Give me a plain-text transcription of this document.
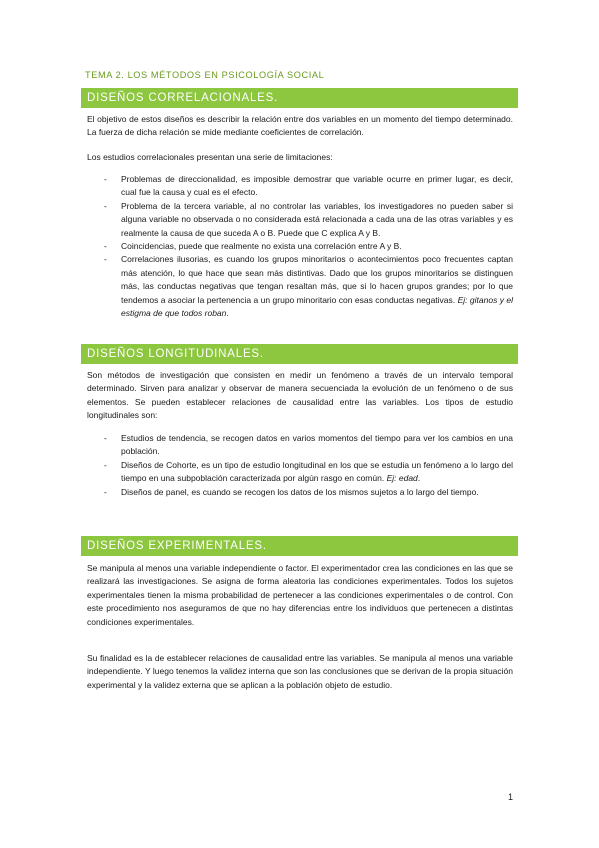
TEMA 2. LOS MÉTODOS EN PSICOLOGÍA SOCIAL
DISEÑOS CORRELACIONALES.

El objetivo de estos diseños es describir la relación entre dos variables en un momento del tiempo determinado. La fuerza de dicha relación se mide mediante coeficientes de correlación.

Los estudios correlacionales presentan una serie de limitaciones:

- Problemas de direccionalidad, es imposible demostrar que variable ocurre en primer lugar, es decir, cual fue la causa y cual es el efecto.
- Problema de la tercera variable, al no controlar las variables, los investigadores no pueden saber si alguna variable no observada o no considerada está relacionada a cada una de las otras variables y es realmente la causa de que suceda A o B. Puede que C explica A y B.
- Coincidencias, puede que realmente no exista una correlación entre A y B.
- Correlaciones ilusorias, es cuando los grupos minoritarios o acontecimientos poco frecuentes captan más atención, lo que hace que sean más distintivas. Dado que los grupos minoritarios se distinguen más, las conductas negativas que tengan resaltan más, que si lo hacen grupos grandes; por lo que tendemos a asociar la pertenencia a un grupo minoritario con esas conductas negativas. Ej: gitanos y el estigma de que todos roban.
DISEÑOS LONGITUDINALES.

Son métodos de investigación que consisten en medir un fenómeno a través de un intervalo temporal determinado. Sirven para analizar y observar de manera secuenciada la evolución de un fenómeno o de sus elementos. Se pueden establecer relaciones de causalidad entre las variables. Los tipos de estudio longitudinales son:

- Estudios de tendencia, se recogen datos en varios momentos del tiempo para ver los cambios en una población.
- Diseños de Cohorte, es un tipo de estudio longitudinal en los que se estudia un fenómeno a lo largo del tiempo en una subpoblación caracterizada por algún rasgo en común. Ej: edad.
- Diseños de panel, es cuando se recogen los datos de los mismos sujetos a lo largo del tiempo.
DISEÑOS EXPERIMENTALES.

Se manipula al menos una variable independiente o factor. El experimentador crea las condiciones en las que se realizará las investigaciones. Se asigna de forma aleatoria las condiciones experimentales. Todos los sujetos experimentales tienen la misma probabilidad de pertenecer a las condiciones experimentales o de control. Con este procedimiento nos aseguramos de que no hay diferencias entre los individuos que pertenecen a distintas condiciones experimentales.

Su finalidad es la de establecer relaciones de causalidad entre las variables. Se manipula al menos una variable independiente. Y luego tenemos la validez interna que son las conclusiones que se derivan de la propia situación experimental y la validez externa que se aplican a la población objeto de estudio.

1
